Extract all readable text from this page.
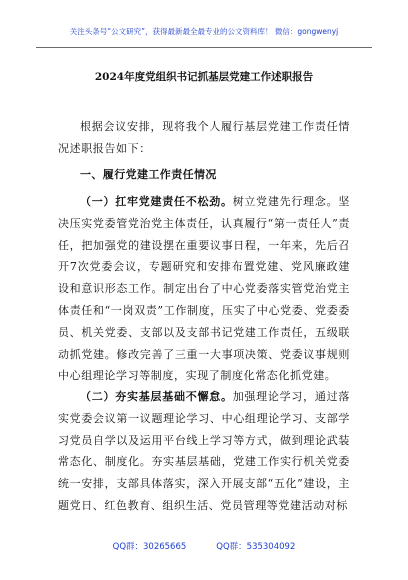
关注头条号“公文研究”，获得最新最全最专业的公文资料库！ 微信：gongwenyj
2024年度党组织书记抓基层党建工作述职报告
根据会议安排，现将我个人履行基层党建工作责任情况述职报告如下：
一、履行党建工作责任情况
（一）扛牢党建责任不松劲。树立党建先行理念。坚决压实党委管党治党主体责任，认真履行“第一责任人”责任，把加强党的建设摆在重要议事日程，一年来，先后召开7次党委会议，专题研究和安排布置党建、党风廉政建设和意识形态工作。制定出台了中心党委落实管党治党主体责任和“一岗双责”工作制度，压实了中心党委、党委委员、机关党委、支部以及支部书记党建工作责任，五级联动抓党建。修改完善了三重一大事项决策、党委议事规则中心组理论学习等制度，实现了制度化常态化抓党建。
（二）夯实基层基础不懈怠。加强理论学习，通过落实党委会议第一议题理论学习、中心组理论学习、支部学习党员自学以及运用平台线上学习等方式，做到理论武装常态化、制度化。夯实基层基础，党建工作实行机关党委统一安排，支部具体落实，深入开展支部“五化”建设，主题党日、红色教育、组织生活、党员管理等党建活动对标
QQ群：30265665	QQ群：535304092
